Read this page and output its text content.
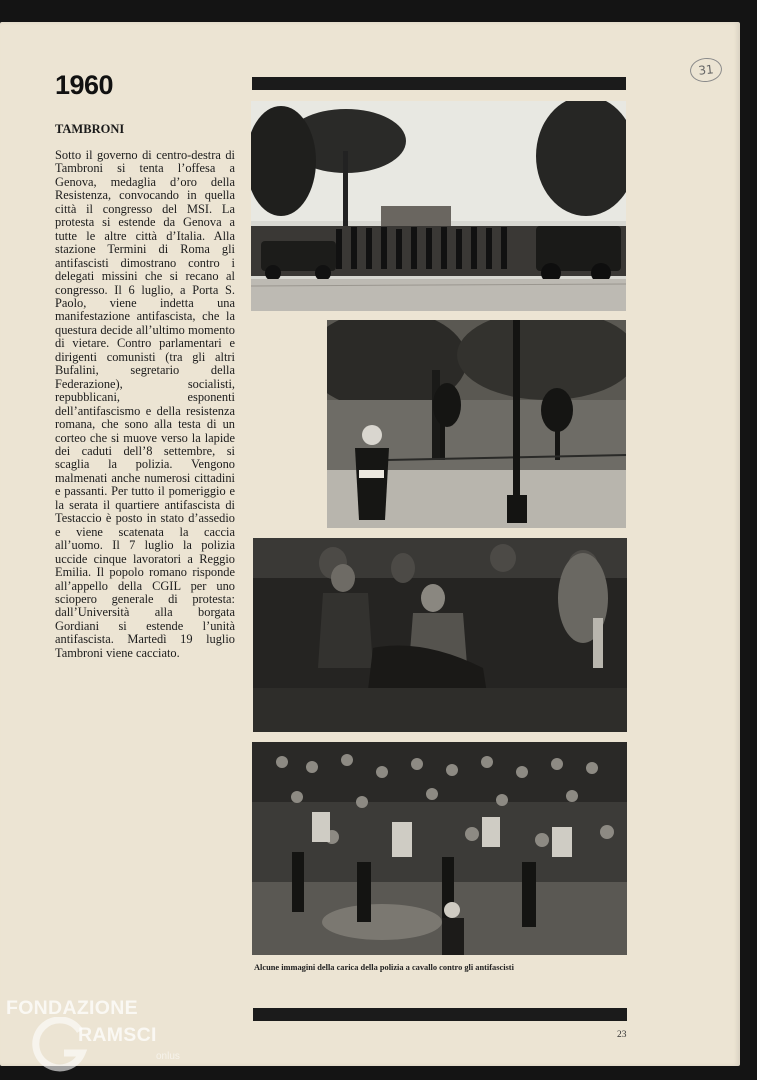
1960
TAMBRONI
Sotto il governo di centro-destra di Tambroni si tenta l’offesa a Genova, medaglia d’oro della Resistenza, convocando in quella città il congresso del MSI. La protesta si estende da Genova a tutte le altre città d’Italia. Alla stazione Termini di Roma gli antifascisti dimostrano contro i delegati missini che si recano al congresso. Il 6 luglio, a Porta S. Paolo, viene indetta una manifestazione antifascista, che la questura decide all’ultimo momento di vietare. Contro parlamentari e dirigenti comunisti (tra gli altri Bufalini, segretario della Federazione), socialisti, repubblicani, esponenti dell’antifascismo e della resistenza romana, che sono alla testa di un corteo che si muove verso la lapide dei caduti dell’8 settembre, si scaglia la polizia. Vengono malmenati anche numerosi cittadini e passanti. Per tutto il pomeriggio e la serata il quartiere antifascista di Testaccio è posto in stato d’assedio e viene scatenata la caccia all’uomo. Il 7 luglio la polizia uccide cinque lavoratori a Reggio Emilia. Il popolo romano risponde all’appello della CGIL per uno sciopero generale di protesta: dall’Università alla borgata Gordiani si estende l’unità antifascista. Martedì 19 luglio Tambroni viene cacciato.
31
Alcune immagini della carica della polizia a cavallo contro gli antifascisti
23
FONDAZIONE
RAMSCI
onlus
